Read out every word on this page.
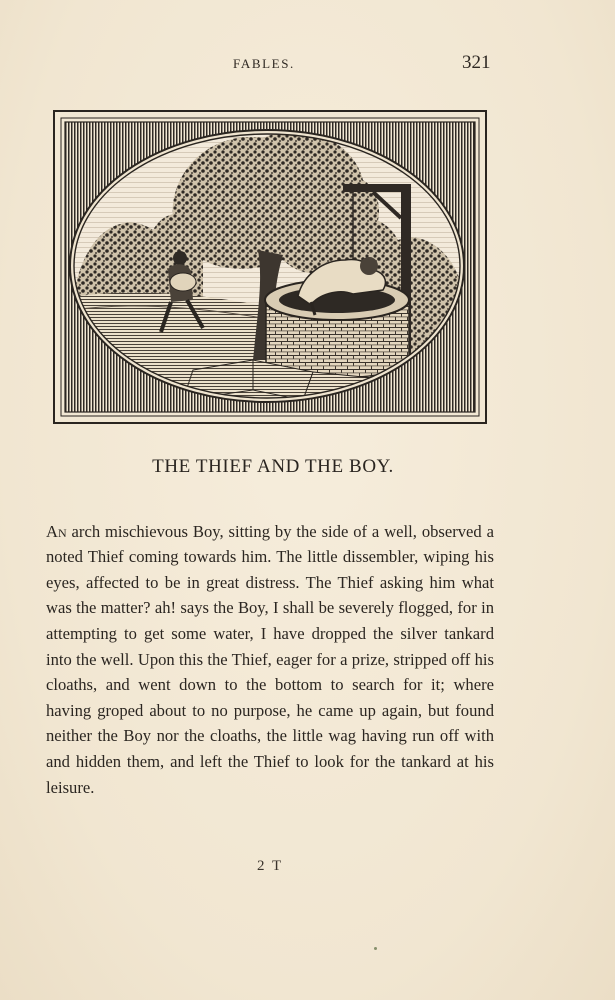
FABLES.	321
THE THIEF AND THE BOY.

An arch mischievous Boy, sitting by the side of a well, observed a noted Thief coming towards him. The little dissembler, wiping his eyes, affected to be in great distress. The Thief asking him what was the matter? ah! says the Boy, I shall be severely flogged, for in attempting to get some water, I have dropped the silver tankard into the well. Upon this the Thief, eager for a prize, stripped off his cloaths, and went down to the bottom to search for it; where having groped about to no purpose, he came up again, but found neither the Boy nor the cloaths, the little wag having run off with and hidden them, and left the Thief to look for the tankard at his leisure.

2 T
